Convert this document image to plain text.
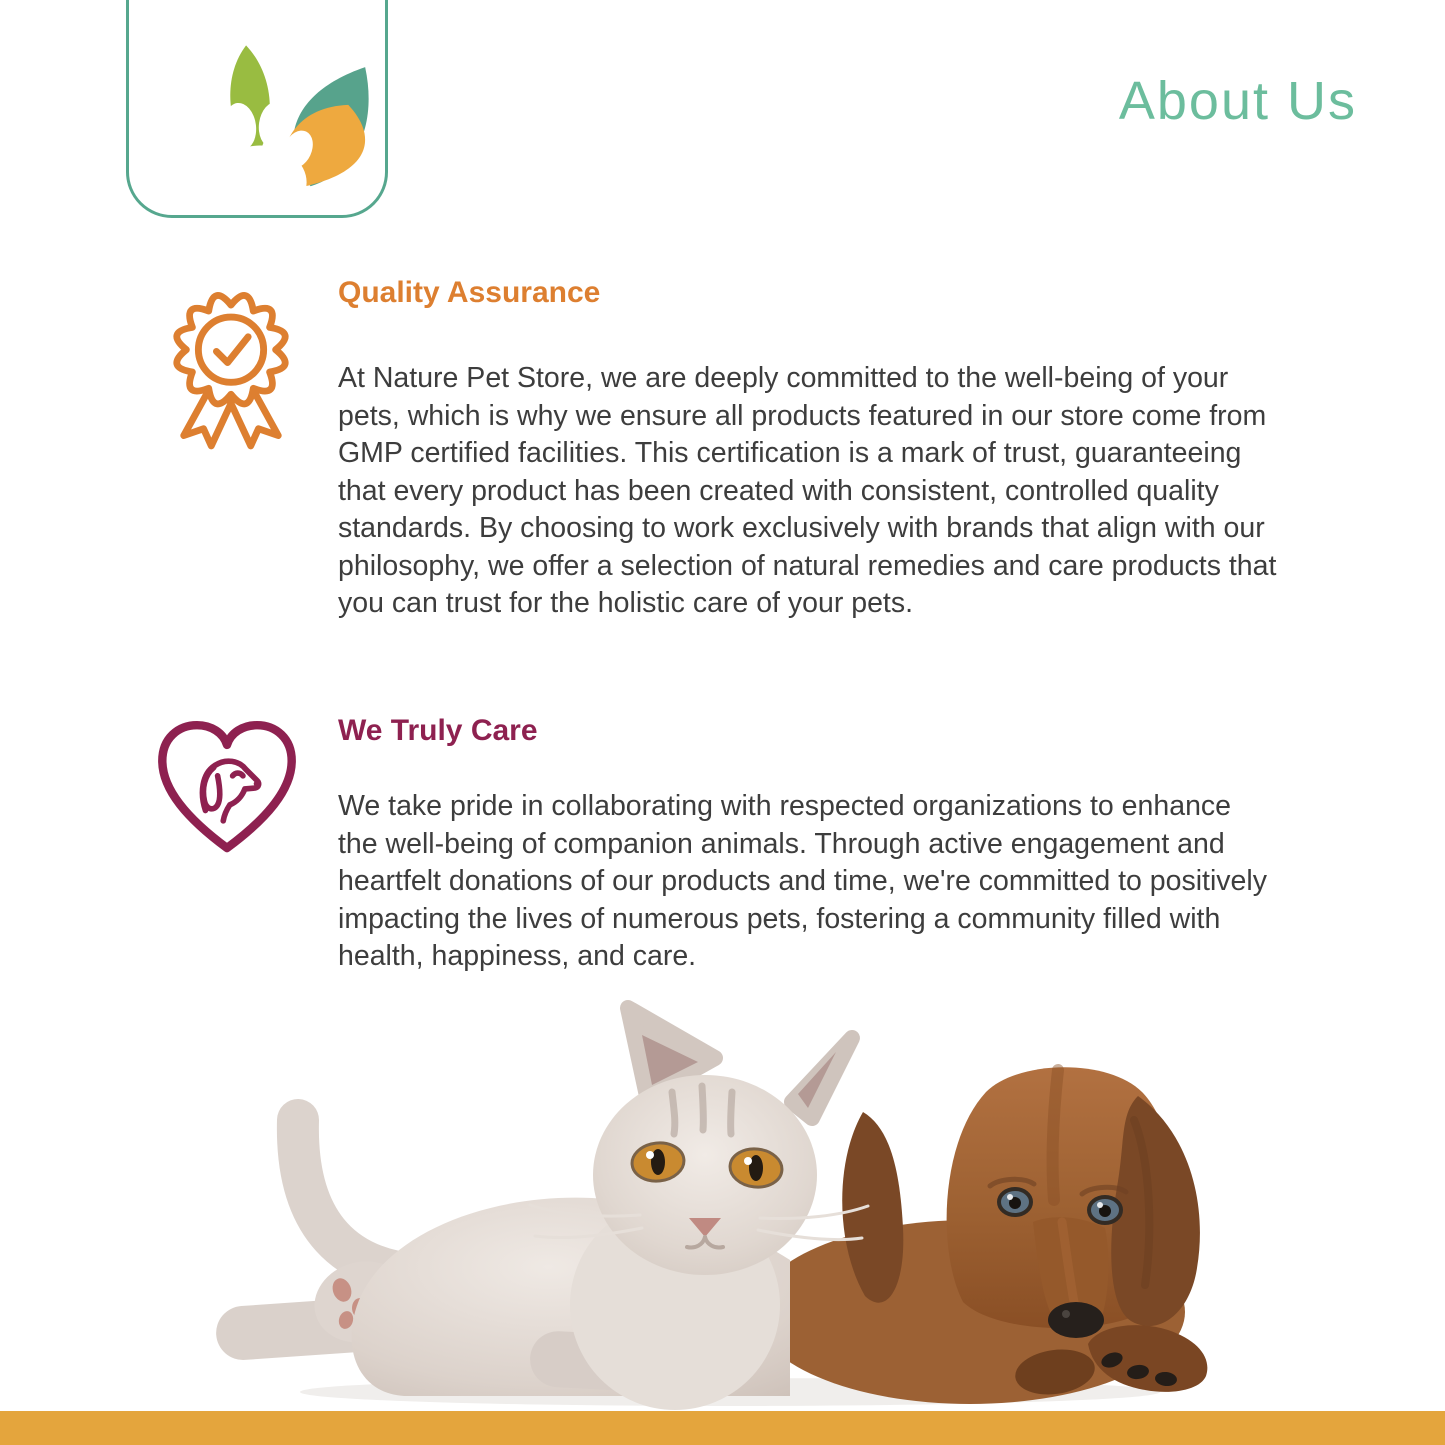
About Us
Quality Assurance

At Nature Pet Store, we are deeply committed to the well-being of your pets, which is why we ensure all products featured in our store come from GMP certified facilities. This certification is a mark of trust, guaranteeing that every product has been created with consistent, controlled quality standards. By choosing to work exclusively with brands that align with our philosophy, we offer a selection of natural remedies and care products that you can trust for the holistic care of your pets.

We Truly Care

We take pride in collaborating with respected organizations to enhance the well-being of companion animals. Through active engagement and heartfelt donations of our products and time, we're committed to positively impacting the lives of numerous pets, fostering a community filled with health, happiness, and care.
